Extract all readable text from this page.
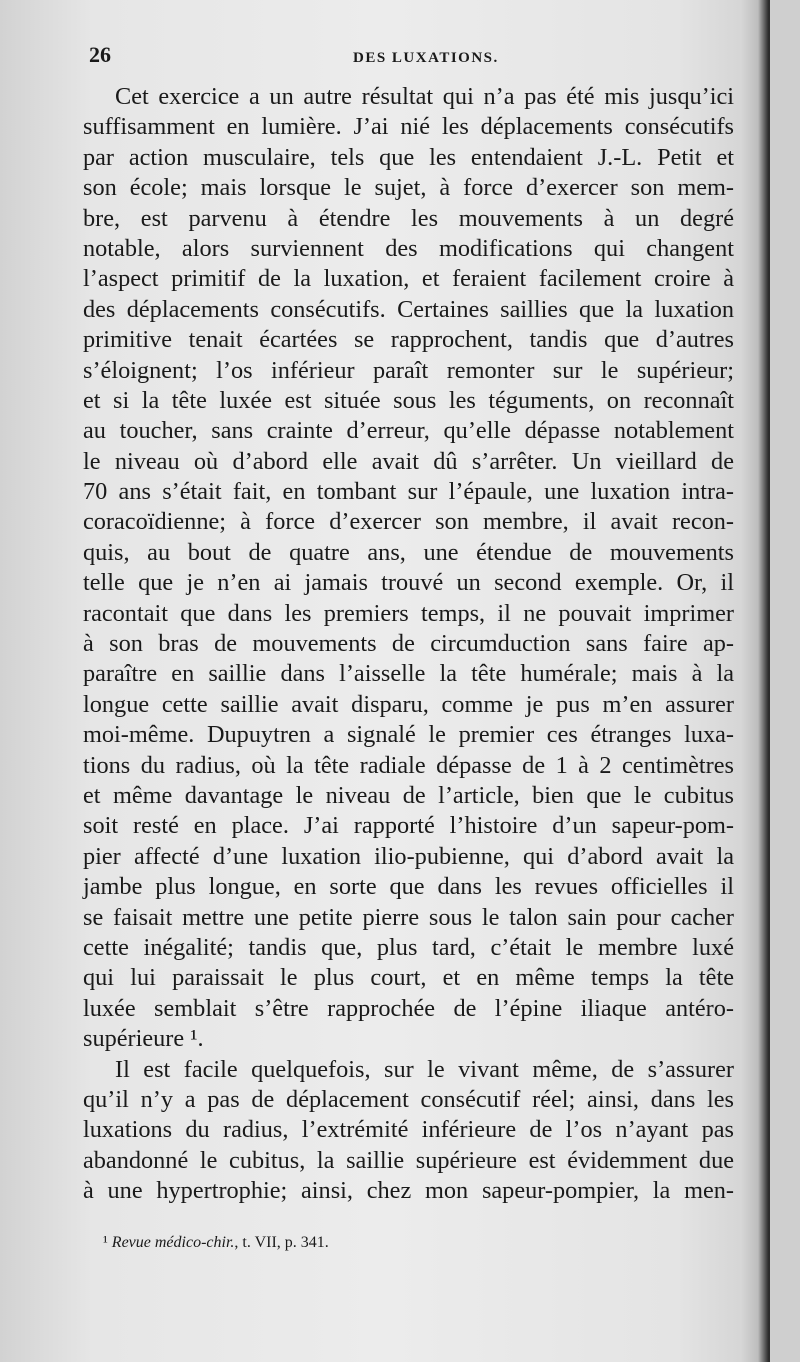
26	DES LUXATIONS.
Cet exercice a un autre résultat qui n’a pas été mis jusqu’ici
suffisamment en lumière. J’ai nié les déplacements consécutifs
par action musculaire, tels que les entendaient J.-L. Petit et
son école; mais lorsque le sujet, à force d’exercer son mem-
bre, est parvenu à étendre les mouvements à un degré
notable, alors surviennent des modifications qui changent
l’aspect primitif de la luxation, et feraient facilement croire à
des déplacements consécutifs. Certaines saillies que la luxation
primitive tenait écartées se rapprochent, tandis que d’autres
s’éloignent; l’os inférieur paraît remonter sur le supérieur;
et si la tête luxée est située sous les téguments, on reconnaît
au toucher, sans crainte d’erreur, qu’elle dépasse notablement
le niveau où d’abord elle avait dû s’arrêter. Un vieillard de
70 ans s’était fait, en tombant sur l’épaule, une luxation intra-
coracoïdienne; à force d’exercer son membre, il avait recon-
quis, au bout de quatre ans, une étendue de mouvements
telle que je n’en ai jamais trouvé un second exemple. Or, il
racontait que dans les premiers temps, il ne pouvait imprimer
à son bras de mouvements de circumduction sans faire ap-
paraître en saillie dans l’aisselle la tête humérale; mais à la
longue cette saillie avait disparu, comme je pus m’en assurer
moi-même. Dupuytren a signalé le premier ces étranges luxa-
tions du radius, où la tête radiale dépasse de 1 à 2 centimètres
et même davantage le niveau de l’article, bien que le cubitus
soit resté en place. J’ai rapporté l’histoire d’un sapeur-pom-
pier affecté d’une luxation ilio-pubienne, qui d’abord avait la
jambe plus longue, en sorte que dans les revues officielles il
se faisait mettre une petite pierre sous le talon sain pour cacher
cette inégalité; tandis que, plus tard, c’était le membre luxé
qui lui paraissait le plus court, et en même temps la tête
luxée semblait s’être rapprochée de l’épine iliaque antéro-
supérieure ¹.
Il est facile quelquefois, sur le vivant même, de s’assurer
qu’il n’y a pas de déplacement consécutif réel; ainsi, dans les
luxations du radius, l’extrémité inférieure de l’os n’ayant pas
abandonné le cubitus, la saillie supérieure est évidemment due
à une hypertrophie; ainsi, chez mon sapeur-pompier, la men-
¹ Revue médico-chir., t. VII, p. 341.
